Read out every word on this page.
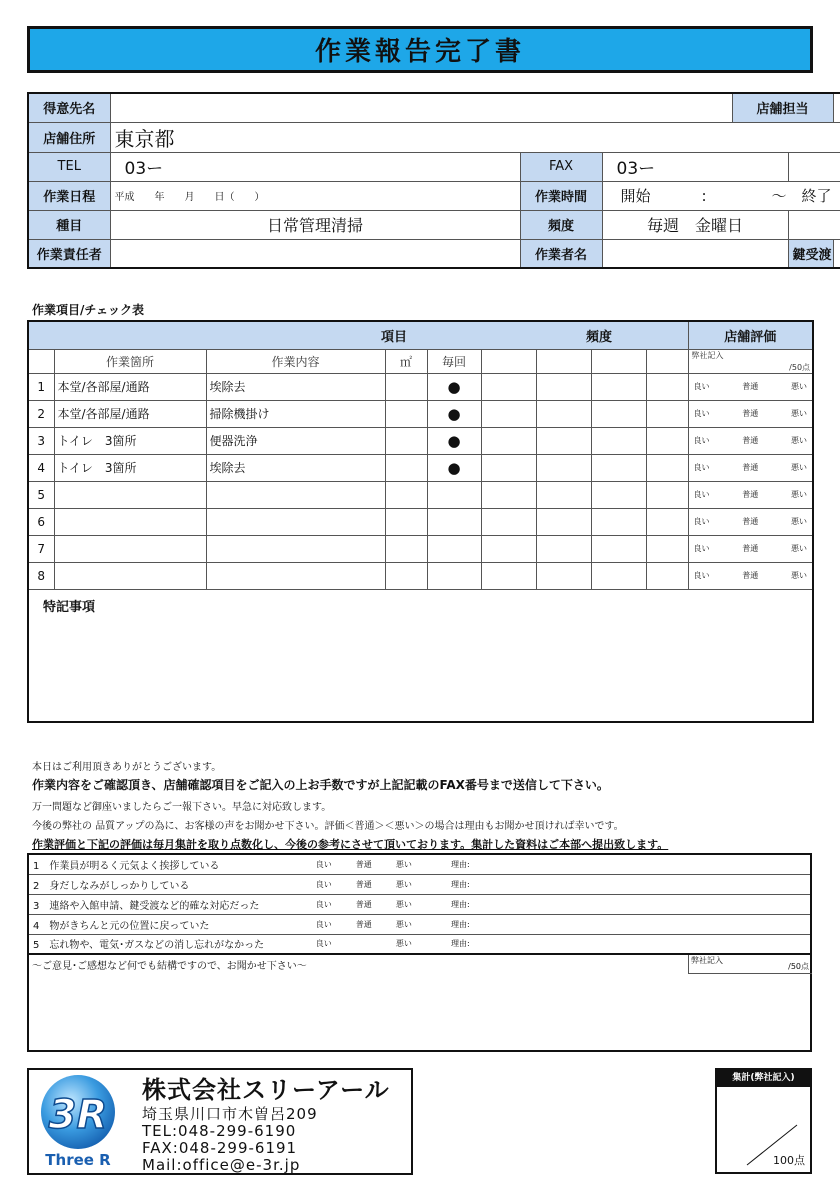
作業報告完了書
得意先名				店舗担当	
店舗住所	東京都					
TEL	03ー	FAX	03ー			
作業日程	平成　　年　　月　　日（　　）	作業時間	開始 : 〜 終了			
種目	日常管理清掃	頻度	毎週　金曜日			
作業責任者		作業者名			鍵受渡	
作業項目/チェック表
項目 頻度									店舗評価
	作業箇所	作業内容	㎡	毎回					弊社記入
/50点

1	本堂/各部屋/通路	埃除去		●					良い 普通 悪い

2	本堂/各部屋/通路	掃除機掛け		●					良い 普通 悪い

3	トイレ　3箇所	便器洗浄		●					良い 普通 悪い

4	トイレ　3箇所	埃除去		●					良い 普通 悪い

5									良い 普通 悪い

6									良い 普通 悪い

7									良い 普通 悪い

8									良い 普通 悪い

特記事項									
本日はご利用頂きありがとうございます。
作業内容をご確認頂き、店舗確認項目をご記入の上お手数ですが上記記載のFAX番号まで送信して下さい。
万一問題など御座いましたらご一報下さい。早急に対応致します。
今後の弊社の 品質アップの為に、お客様の声をお聞かせ下さい。評価＜普通＞＜悪い＞の場合は理由もお聞かせ頂ければ幸いです。
作業評価と下記の評価は毎月集計を取り点数化し、今後の参考にさせて頂いております。集計した資料はご本部へ提出致します。
1　作業員が明るく元気よく挨拶している	良い	普通	悪い	理由:
2　身だしなみがしっかりしている	良い	普通	悪い	理由:
3　連絡や入館申請、鍵受渡など的確な対応だった	良い	普通	悪い	理由:
4　物がきちんと元の位置に戻っていた	良い	普通	悪い	理由:
5　忘れ物や、電気･ガスなどの消し忘れがなかった	良い		悪い	理由:
〜ご意見･ご感想など何でも結構ですので、お聞かせ下さい〜
弊社記入
/50点
3R
Three R
株式会社スリーアール
埼玉県川口市木曽呂209
TEL:048-299-6190
FAX:048-299-6191
Mail:office@e-3r.jp
集計(弊社記入)
100点
